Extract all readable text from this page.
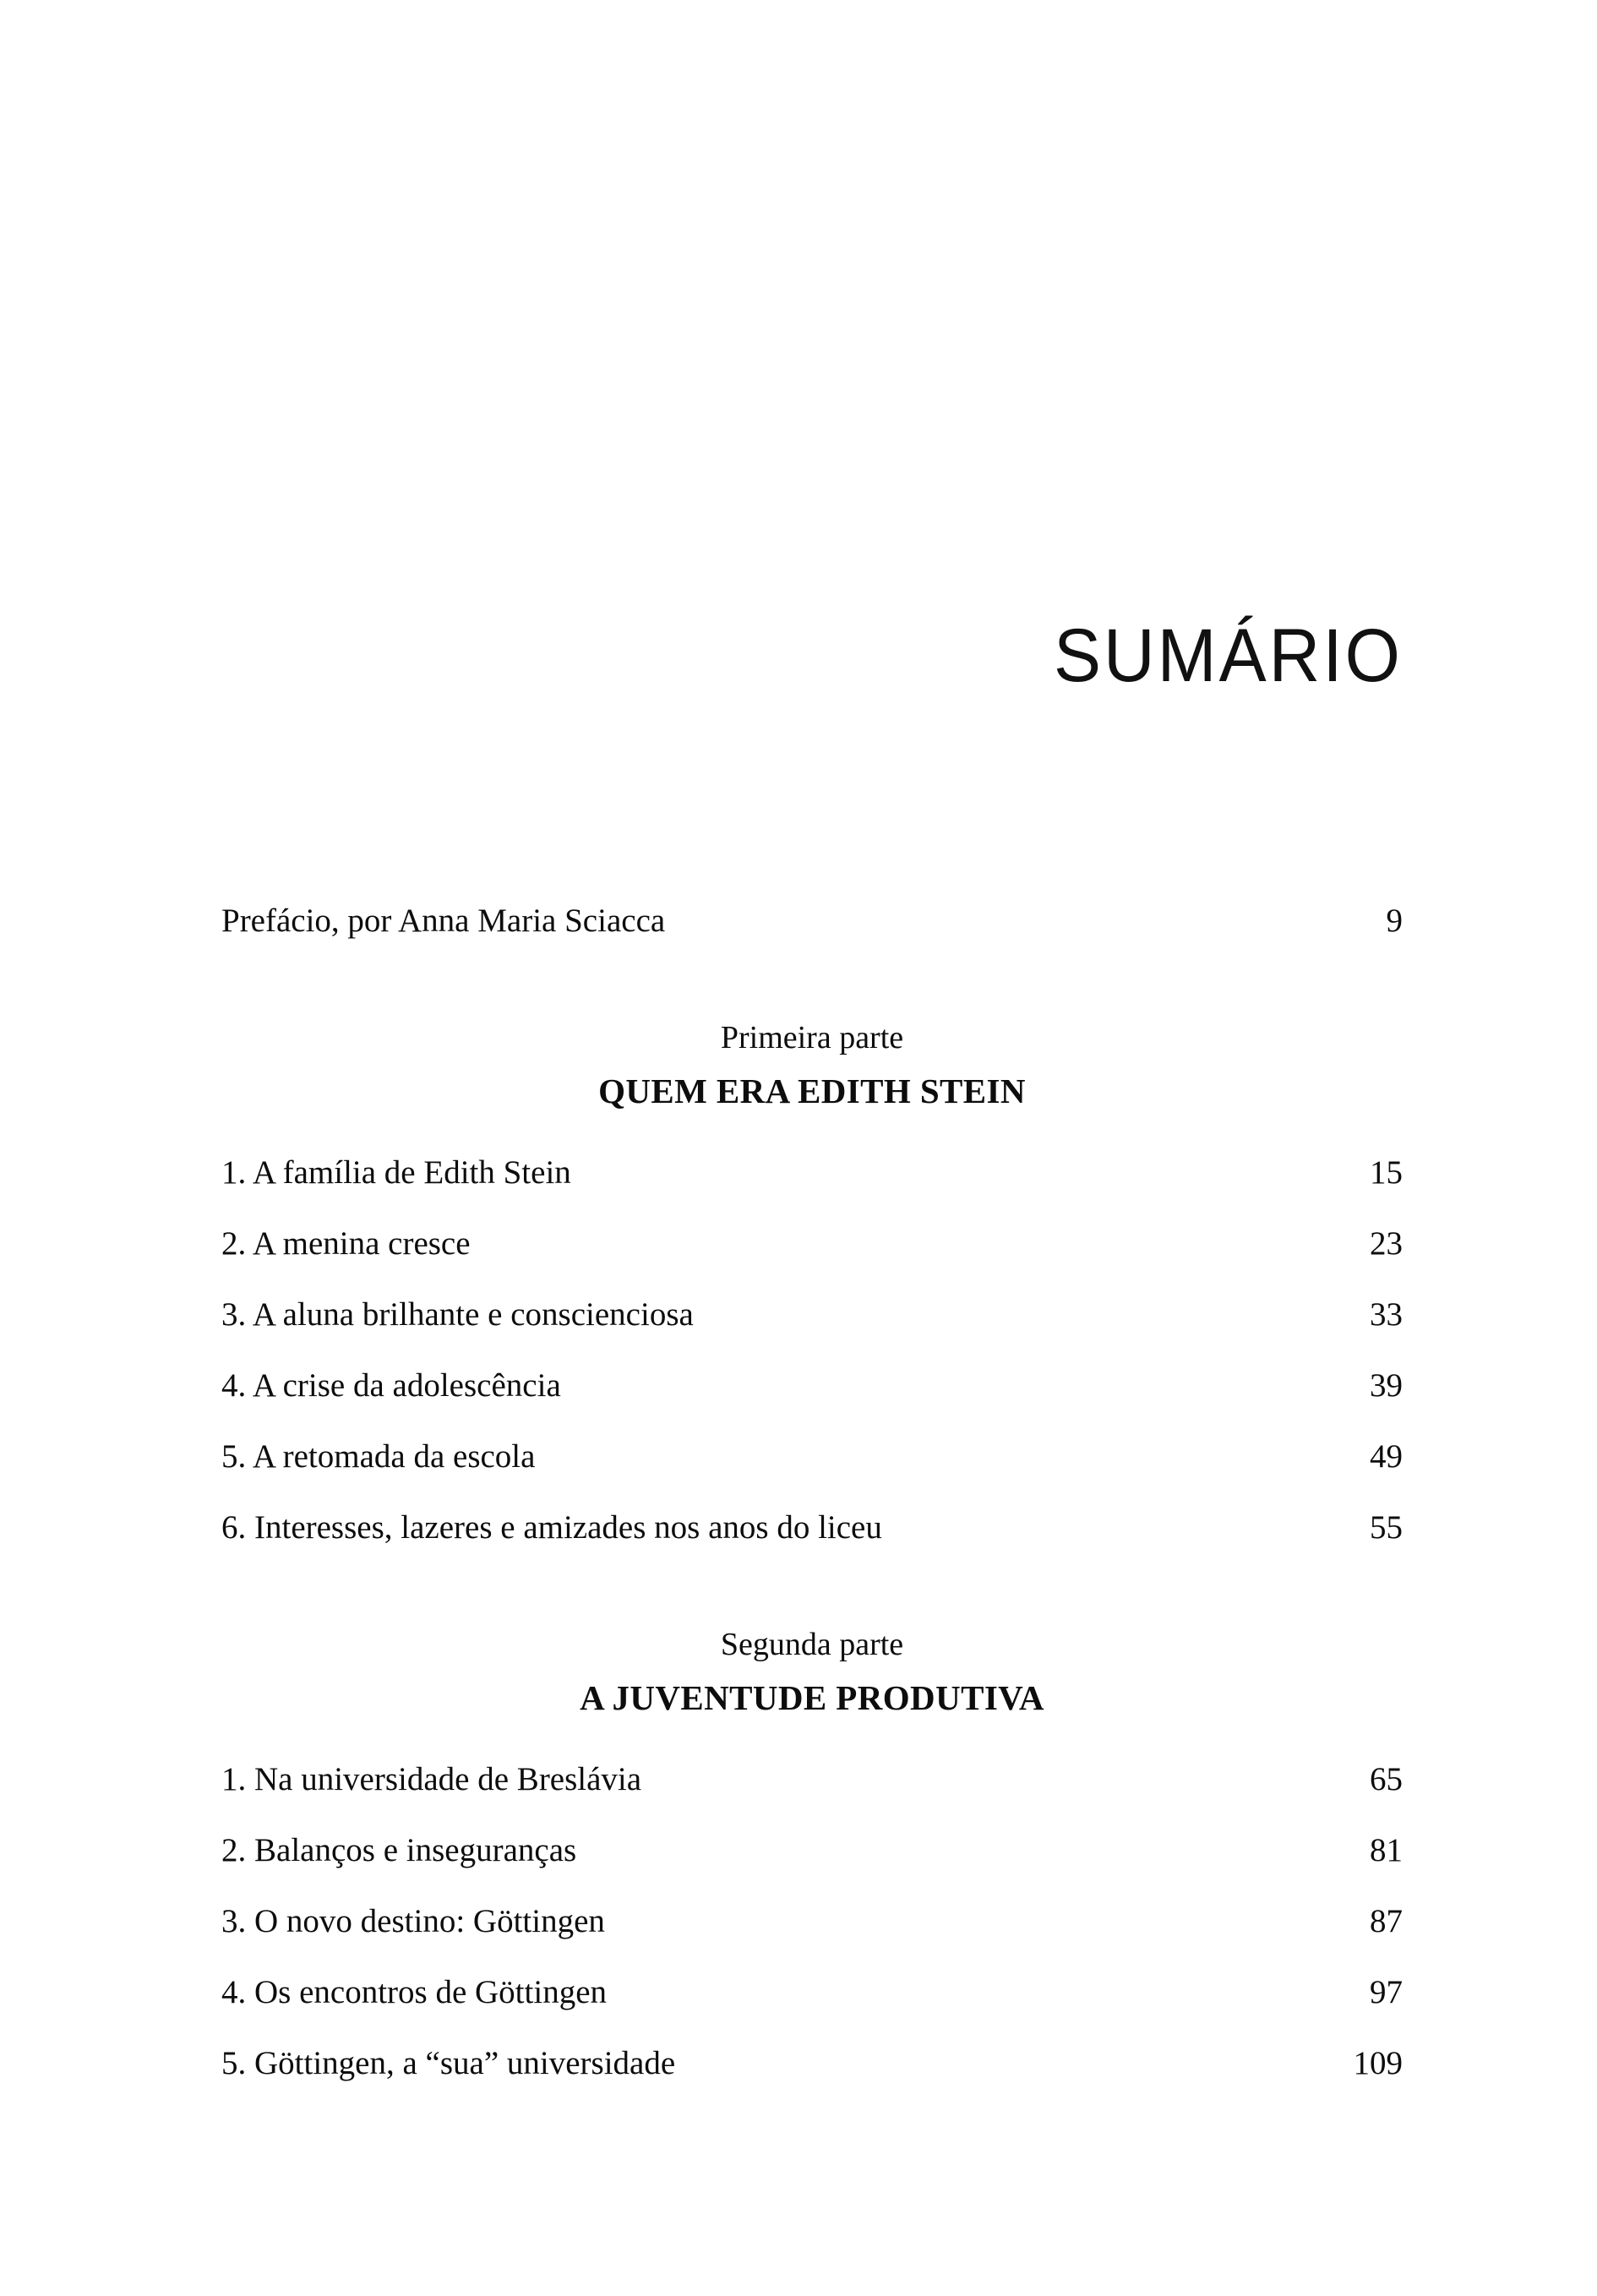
SUMÁRIO
Prefácio, por Anna Maria Sciacca	9
Primeira parte
QUEM ERA EDITH STEIN
1. A família de Edith Stein	15
2. A menina cresce	23
3. A aluna brilhante e conscienciosa	33
4. A crise da adolescência	39
5. A retomada da escola	49
6. Interesses, lazeres e amizades nos anos do liceu	55
Segunda parte
A JUVENTUDE PRODUTIVA
1. Na universidade de Breslávia	65
2. Balanços e inseguranças	81
3. O novo destino: Göttingen	87
4. Os encontros de Göttingen	97
5. Göttingen, a “sua” universidade	109
